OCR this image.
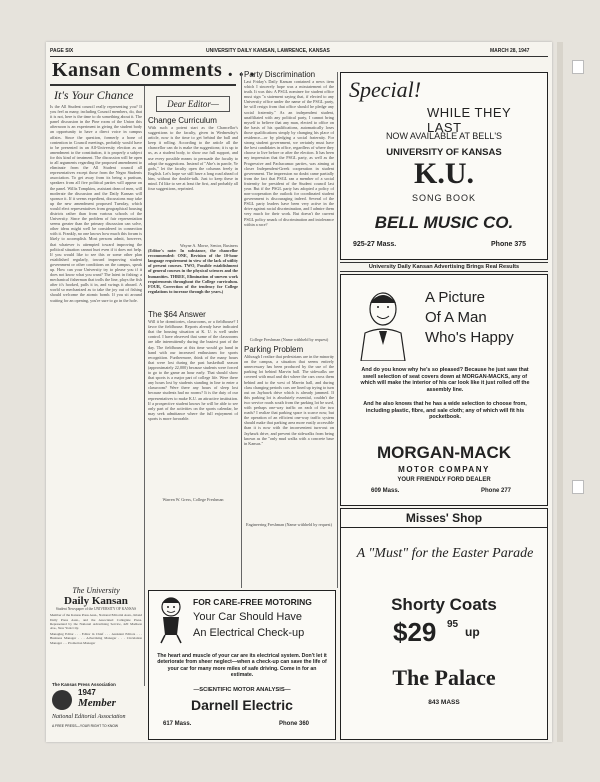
PAGE SIX	UNIVERSITY DAILY KANSAN, LAWRENCE, KANSAS	MARCH 28, 1947
Kansan Comments . . .
It's Your Chance

Is the All Student council really representing you? If you feel as many, including Council members, do, that it is not, here is the time to do something about it. The panel discussion in the Pine room of the Union this afternoon is an experiment in giving the student body an opportunity to have a direct voice in campus affairs. Since the question, formerly a bone of contention in Council meetings, probably would have to be presented in an All-University election as an amendment to the constitution, it is properly a subject for this kind of treatment. The discussion will be open to all arguments regarding the proposed amendment to eliminate from the All Student council all representatives except those from the Negro Students association. To get away from its being a partisan, speakers from all five political parties will appear on the panel. Willis Tompkins, assistant dean of men, will moderate the discussion and the Daily Kansan will sponsor it. If it seems expedient, discussions may take up the new amendment proposed Tuesday, which would elect representatives from geographical housing districts rather than from various schools of the University. Since the problem of fair representation seems greater than the primary discussion can solve, other ideas might well be considered in connection with it. Frankly, no one knows how much this forum is likely to accomplish. Most persons admit, however, that whatever is attempted toward improving the political situation cannot hurt even if it does not help. If you would like to see this or some other plan established regularly, toward improving student government or other conditions on the campus, speak up. How can your University try to please you if it does not know what you want? The latest in fishing: a mechanical fisherman that trolls the line, plays the fish after it's hooked, pulls it in, and swings it aboard. A world so mechanized as to take the joy out of fishing should welcome the atomic bomb. If you sit around waiting for an opening, you're sure to go in the hole.

The University
Daily Kansan
Student Newspaper of the UNIVERSITY OF KANSAS
Member of the Kansas Press Assn., National Editorial Assn., Inland Daily Press Assn., and the Associated Collegiate Press. Represented by the National Advertising Service, 420 Madison Ave., New York City.
Managing Editor . . . Editor in Chief . . . Assistant Editors . . . Business Manager . . . Advertising Manager . . . Circulation Manager . . . Promotion Manager
The Kansas Press Association
1947
Member
National Editorial Association
A FREE PRESS—YOUR RIGHT TO KNOW
Dear Editor—
Change Curriculum
With such a potent start as the Chancellor's suggestions to the faculty, given in Wednesday's article, now is the time to get behind the ball and keep it rolling. According to the article all the chancellor can do is make the suggestions; it is up to us, as a student body, to show our full support, and use every possible means to persuade the faculty to adopt the suggestions. Instead of "Abe's in parole, Ye gods," let the faculty open the columns freely in English. Let's hope we still have a long road ahead of him, without the double-talk. Just to keep these in mind. I'd like to see at least the first, and probably all four suggestions, reprinted.
Wayne A. Morse, Senior, Business
(Editor's note: In substance, the chancellor recommended: ONE, Revision of the 10-hour language requirement in view of the lack of utility of present courses. TWO, Possible establishment of general courses in the physical sciences and the humanities. THREE, Elimination of uneven work requirements throughout the College curriculum. FOUR, Correction of the tendency for College regulations to increase through the years.)
The $64 Answer
Will it be dormitories, classrooms, or a fieldhouse? I favor the fieldhouse. Reports already have indicated that the housing situation at K. U. is well under control. I have observed that some of the classrooms are idle intermittently during the busiest part of the day. The fieldhouse at this time would go hand in hand with our increased enthusiasm for sports recognition. Furthermore, think of the many hours that were lost during the past basketball season (approximately 22,000) because students were forced to go to the game an hour early. That should show that sports is a major part of college life. Were there any hours lost by students standing in line to enter a classroom? Were there any hours of sleep lost because students had no rooms? It is the duty of our representatives to make K.U. an attractive institution. If a prospective student knows he will be able to see only part of the activities on the sports calendar, he may seek admittance where the full enjoyment of sports is more favorable.
Warren W. Gress, College Freshman
Party Discrimination
Last Friday's Daily Kansan contained a news item which I sincerely hope was a misstatement of the truth. It was this: A PSGL nominee for student office must sign "a statement saying that, if elected to any University office under the name of the PSGL party, he will resign from that office should he pledge any social fraternity." As an independent student, unaffiliated with any political party, I cannot bring myself to believe that any man, elected to office on the basis of his qualifications, automatically loses those qualifications simply by changing his place of residence—or by pledging a social fraternity. For strong student government, we certainly must have the best candidates in office, regardless of where they choose to live before or after the election. It has been my impression that the PSGL party, as well as the Progressive and Pachacamac parties, was aiming at closer Independent-Greek cooperation in student government. The impression no doubt came partially from the fact that PSGL ran a member of a social fraternity for president of the Student council last year. But if the PSGL party has adopted a policy of non-cooperation the outlook for coordinated student government is discouraging indeed. Several of the PSGL party leaders have been very active in the drive against racial discrimination, and I admire them very much for their work. But doesn't the current PSGL policy smack of discrimination and intolerance within a race?
College Freshman (Name withheld by request)
Parking Problem
Although I realize that pedestrians are in the minority on the campus, a situation that seems entirely unnecessary has been produced by the use of the parking lot behind Marvin hall. The sidewalks are covered with mud and dirt where the cars cross them behind and to the west of Marvin hall, and during class changing periods cars are lined up trying to turn out on Jayhawk drive which is already jammed. If this parking lot is absolutely essential, couldn't the two service roads south from the parking lot be used, with perhaps one-way traffic on each of the two roads? I realize that parking space is scarce now, but the operation of an efficient one-way traffic system should make that parking area more easily accessible than it is now with the inconvenient turn-out on Jayhawk drive, and prevent the sidewalks from being known as the "only mud walks with a concrete base in Kansas."
Engineering Freshman (Name withheld by request)
Special!
WHILE THEY LAST
NOW AVAILABLE AT BELL'S
UNIVERSITY OF KANSAS
K.U.
SONG BOOK
BELL MUSIC CO.
925-27 Mass.	Phone 375
University Daily Kansan Advertising Brings Real Results
A Picture
Of A Man
Who's Happy
And do you know why he's so pleased? Because he just saw that swell selection of seat covers down at MORGAN-MACKS, any of which will make the interior of his car look like it just rolled off the assembly line.
And he also knows that he has a wide selection to choose from, including plastic, fibre, and sale cloth; any of which will fit his pocketbook.
MORGAN-MACK
MOTOR COMPANY
YOUR FRIENDLY FORD DEALER
609 Mass.	Phone 277
Misses' Shop
A "Must" for the Easter Parade
Shorty Coats
$29 95
up
The Palace
843 MASS
FOR CARE-FREE MOTORING
Your Car Should Have
An Electrical Check-up
The heart and muscle of your car are its electrical system. Don't let it deteriorate from sheer neglect—when a check-up can save the life of your car for many more miles of safe driving. Come in for an estimate.
—SCIENTIFIC MOTOR ANALYSIS—
Darnell Electric
617 Mass.	Phone 360
